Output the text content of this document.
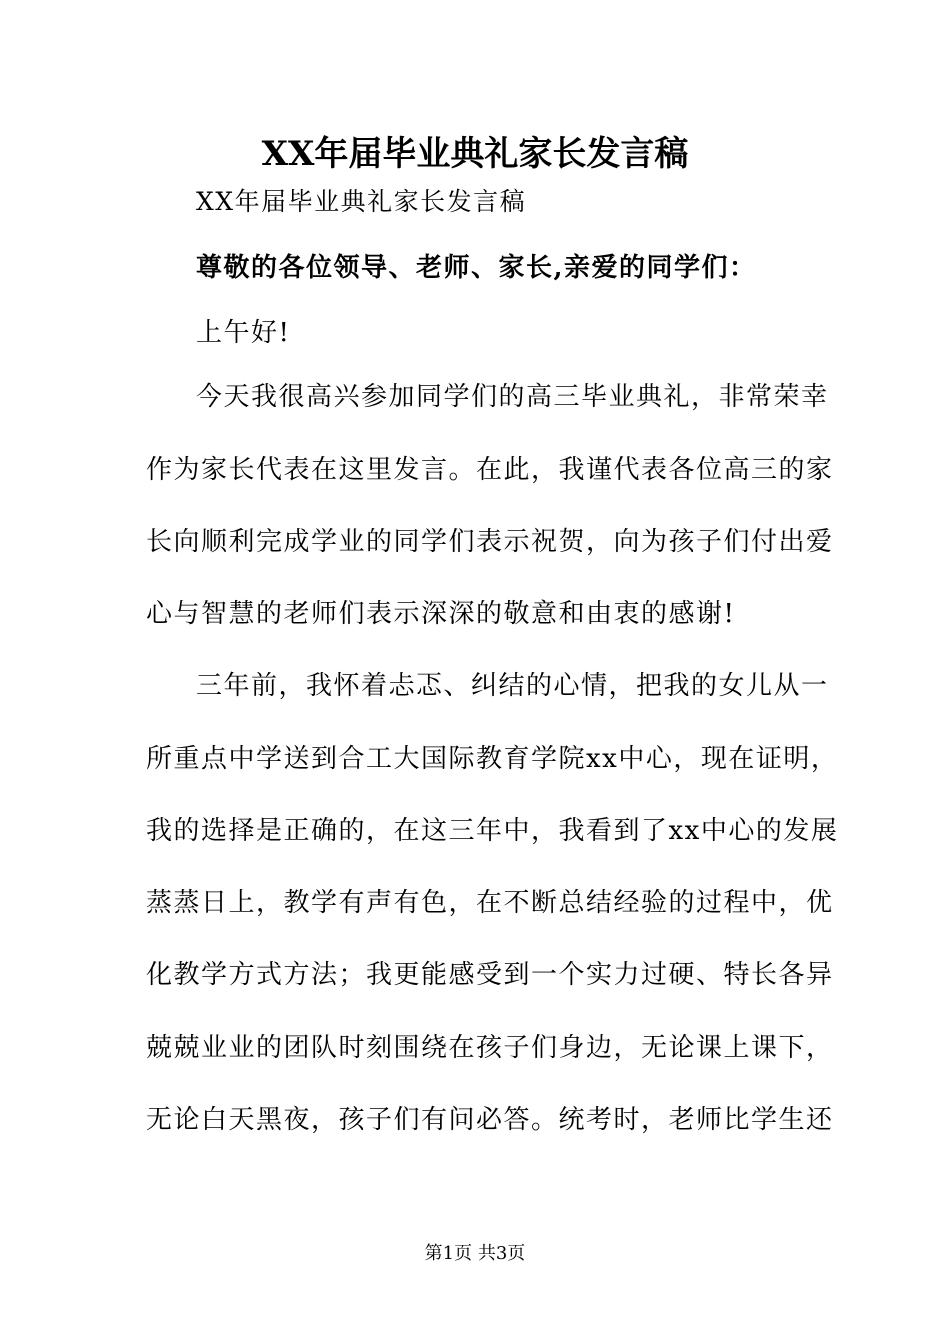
XX年届毕业典礼家长发言稿
XX年届毕业典礼家长发言稿
尊敬的各位领导、老师、家长,亲爱的同学们：
上午好!
今天我很高兴参加同学们的高三毕业典礼，非常荣幸
作为家长代表在这里发言。在此，我谨代表各位高三的家
长向顺利完成学业的同学们表示祝贺，向为孩子们付出爱
心与智慧的老师们表示深深的敬意和由衷的感谢!
三年前，我怀着忐忑、纠结的心情，把我的女儿从一
所重点中学送到合工大国际教育学院xx中心，现在证明，
我的选择是正确的，在这三年中，我看到了xx中心的发展
蒸蒸日上，教学有声有色，在不断总结经验的过程中，优
化教学方式方法；我更能感受到一个实力过硬、特长各异
兢兢业业的团队时刻围绕在孩子们身边，无论课上课下，
无论白天黑夜，孩子们有问必答。统考时，老师比学生还
第1页 共3页
